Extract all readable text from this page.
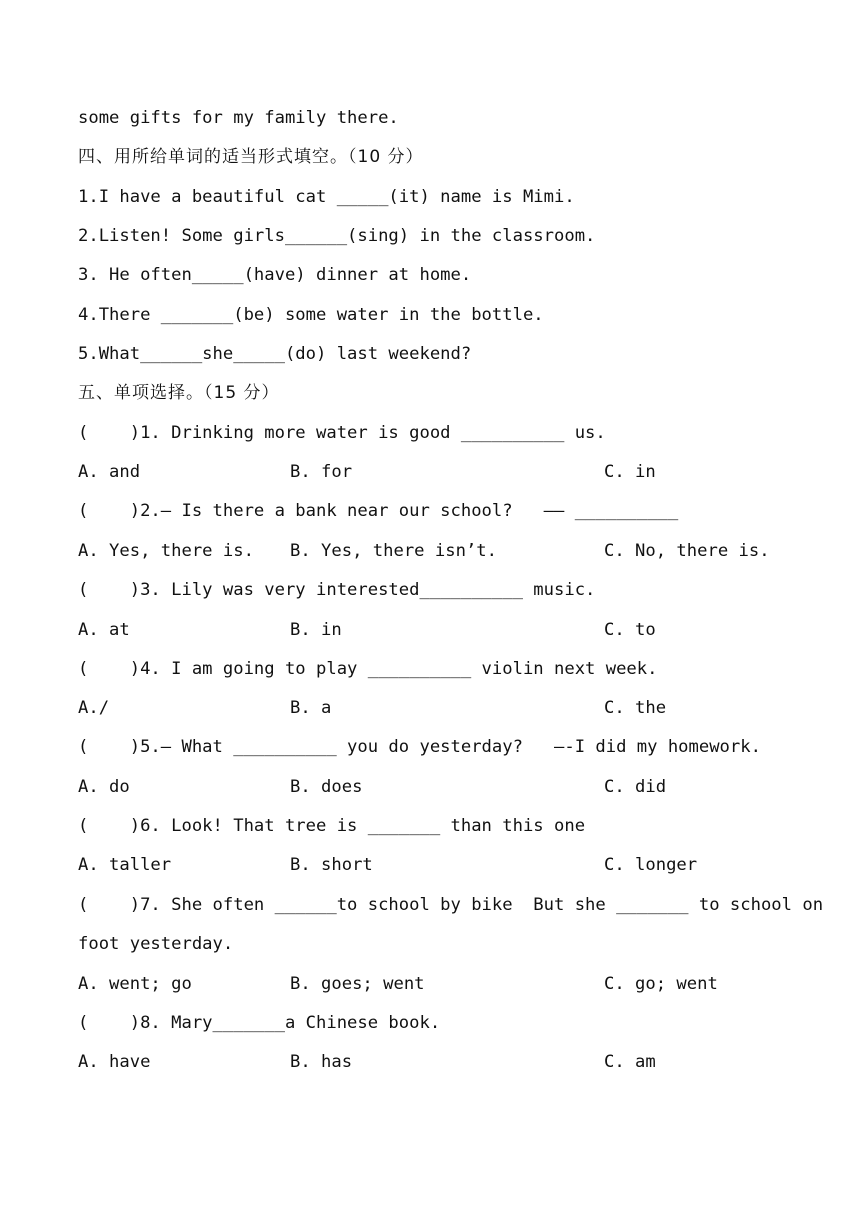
some gifts for my family there.
四、用所给单词的适当形式填空。（10 分）
1.I have a beautiful cat _____(it) name is Mimi.
2.Listen! Some girls______(sing) in the classroom.
3. He often_____(have) dinner at home.
4.There _______(be) some water in the bottle.
5.What______she_____(do) last weekend?
五、单项选择。（15 分）
(    )1. Drinking more water is good __________ us.
A. and	B. for	C. in
(    )2.— Is there a bank near our school?   —— __________
A. Yes, there is. B. Yes, there isn’t.	C. No, there is.
(    )3. Lily was very interested__________ music.
A. at	B. in	C. to
(    )4. I am going to play __________ violin next week.
A./	B. a	C. the
(    )5.— What __________ you do yesterday?   —-I did my homework.
A. do	B. does	C. did
(    )6. Look! That tree is _______ than this one
A. taller	B. short	C. longer
(    )7. She often ______to school by bike  But she _______ to school on
foot yesterday.
A. went; go	B. goes; went	C. go; went
(    )8. Mary_______a Chinese book.
A. have	B. has	C. am
